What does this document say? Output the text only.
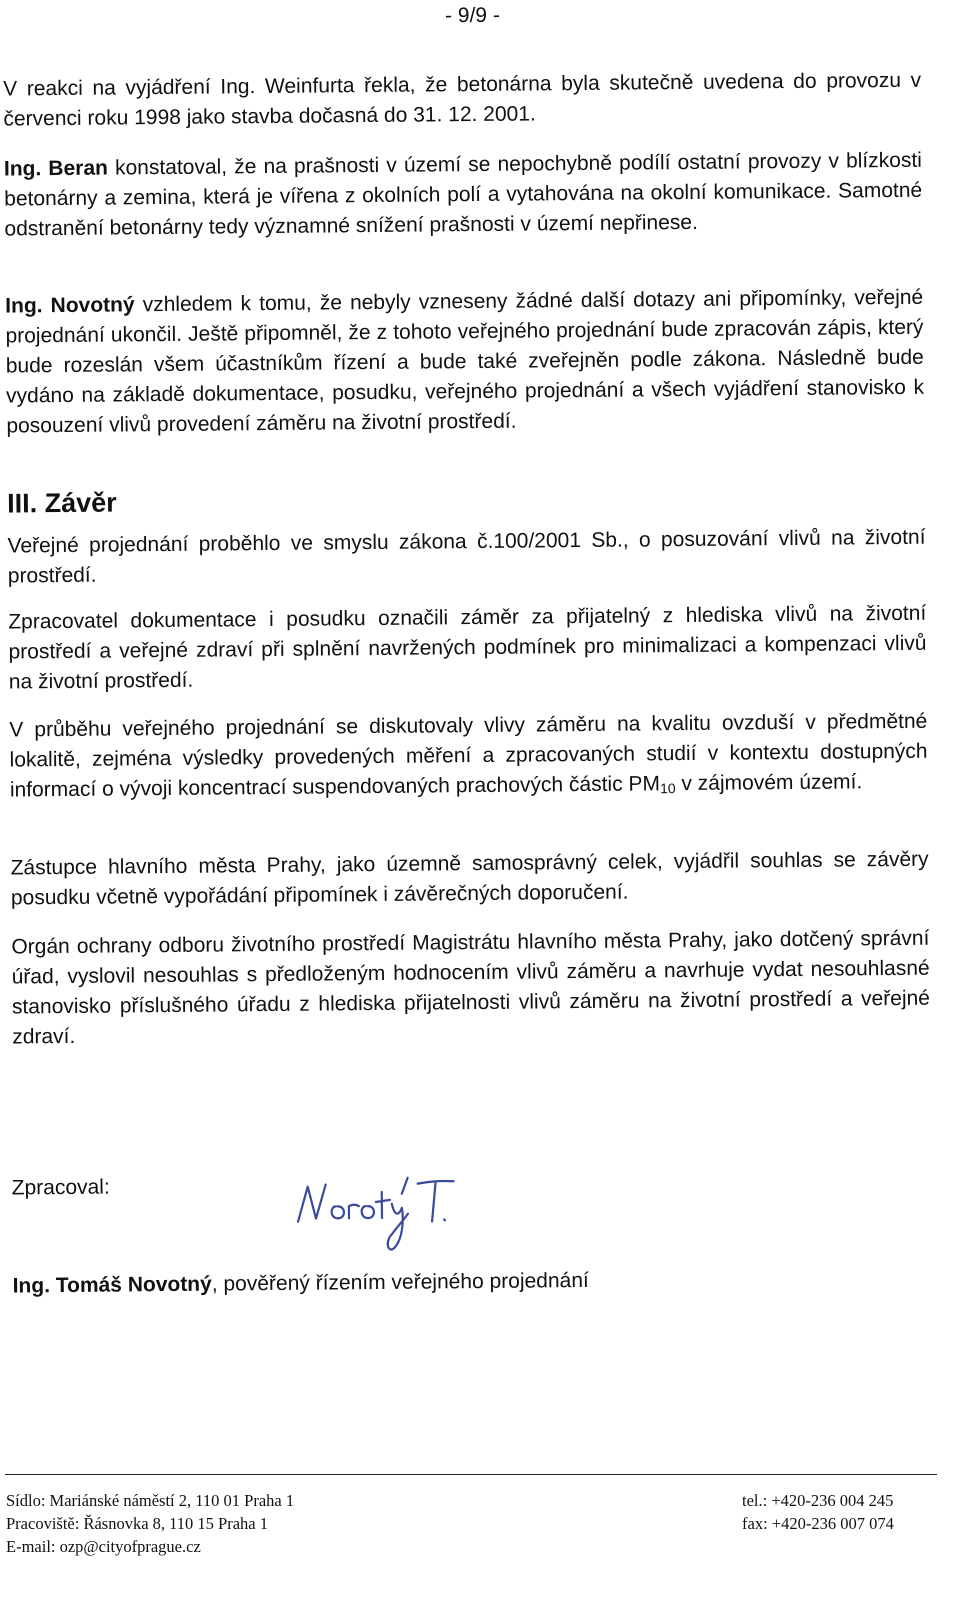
- 9/9 -

V reakci na vyjádření Ing. Weinfurta řekla, že betonárna byla skutečně uvedena do provozu v červenci roku 1998 jako stavba dočasná do 31. 12. 2001.

Ing. Beran konstatoval, že na prašnosti v území se nepochybně podílí ostatní provozy v blízkosti betonárny a zemina, která je vířena z okolních polí a vytahována na okolní komunikace. Samotné odstranění betonárny tedy významné snížení prašnosti v území nepřinese.

Ing. Novotný vzhledem k tomu, že nebyly vzneseny žádné další dotazy ani připomínky, veřejné projednání ukončil. Ještě připomněl, že z tohoto veřejného projednání bude zpracován zápis, který bude rozeslán všem účastníkům řízení a bude také zveřejněn podle zákona. Následně bude vydáno na základě dokumentace, posudku, veřejného projednání a všech vyjádření stanovisko k posouzení vlivů provedení záměru na životní prostředí.

III. Závěr

Veřejné projednání proběhlo ve smyslu zákona č.100/2001 Sb., o posuzování vlivů na životní prostředí.

Zpracovatel dokumentace i posudku označili záměr za přijatelný z hlediska vlivů na životní prostředí a veřejné zdraví při splnění navržených podmínek pro minimalizaci a kompenzaci vlivů na životní prostředí.

V průběhu veřejného projednání se diskutovaly vlivy záměru na kvalitu ovzduší v předmětné lokalitě, zejména výsledky provedených měření a zpracovaných studií v kontextu dostupných informací o vývoji koncentrací suspendovaných prachových částic $PM_{10}$ v zájmovém území.

Zástupce hlavního města Prahy, jako územně samosprávný celek, vyjádřil souhlas se závěry posudku včetně vypořádání připomínek i závěrečných doporučení.

Orgán ochrany odboru životního prostředí Magistrátu hlavního města Prahy, jako dotčený správní úřad, vyslovil nesouhlas s předloženým hodnocením vlivů záměru a navrhuje vydat nesouhlasné stanovisko příslušného úřadu z hlediska přijatelnosti vlivů záměru na životní prostředí a veřejné zdraví.

Zpracoval:
Ing. Tomáš Novotný, pověřený řízením veřejného projednání
Sídlo: Mariánské náměstí 2, 110 01 Praha 1
Pracoviště: Řásnovka 8, 110 15 Praha 1
E-mail: ozp@cityofprague.cz
tel.: +420-236 004 245
fax: +420-236 007 074
